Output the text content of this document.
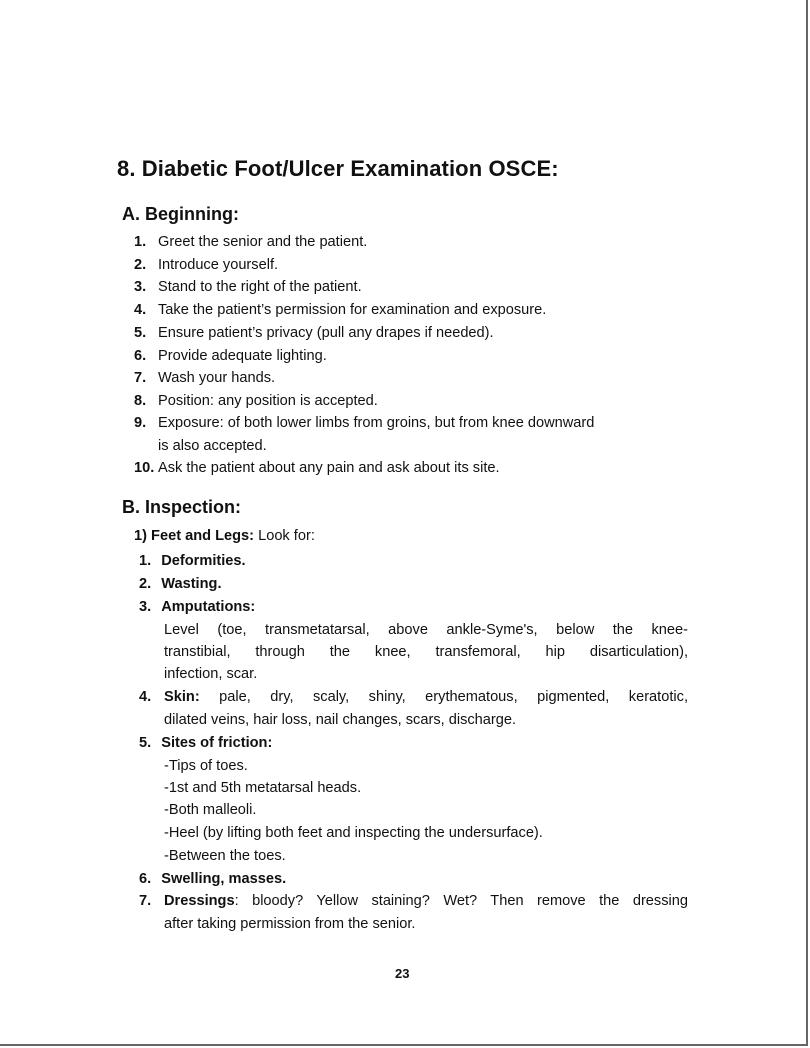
8. Diabetic Foot/Ulcer Examination OSCE:
A. Beginning:
1. Greet the senior and the patient.
2. Introduce yourself.
3. Stand to the right of the patient.
4. Take the patient’s permission for examination and exposure.
5. Ensure patient’s privacy (pull any drapes if needed).
6. Provide adequate lighting.
7. Wash your hands.
8. Position: any position is accepted.
9. Exposure: of both lower limbs from groins, but from knee downward
is also accepted.
10. Ask the patient about any pain and ask about its site.
B. Inspection:
1) Feet and Legs: Look for:
1. Deformities.
2. Wasting.
3. Amputations:
Level (toe, transmetatarsal, above ankle-Syme's, below the knee-
transtibial, through the knee, transfemoral, hip disarticulation),
infection, scar.
4. Skin: pale, dry, scaly, shiny, erythematous, pigmented, keratotic,
dilated veins, hair loss, nail changes, scars, discharge.
5. Sites of friction:
-Tips of toes.
-1st and 5th metatarsal heads.
-Both malleoli.
-Heel (by lifting both feet and inspecting the undersurface).
-Between the toes.
6. Swelling, masses.
7. Dressings: bloody? Yellow staining? Wet? Then remove the dressing
after taking permission from the senior.
23
